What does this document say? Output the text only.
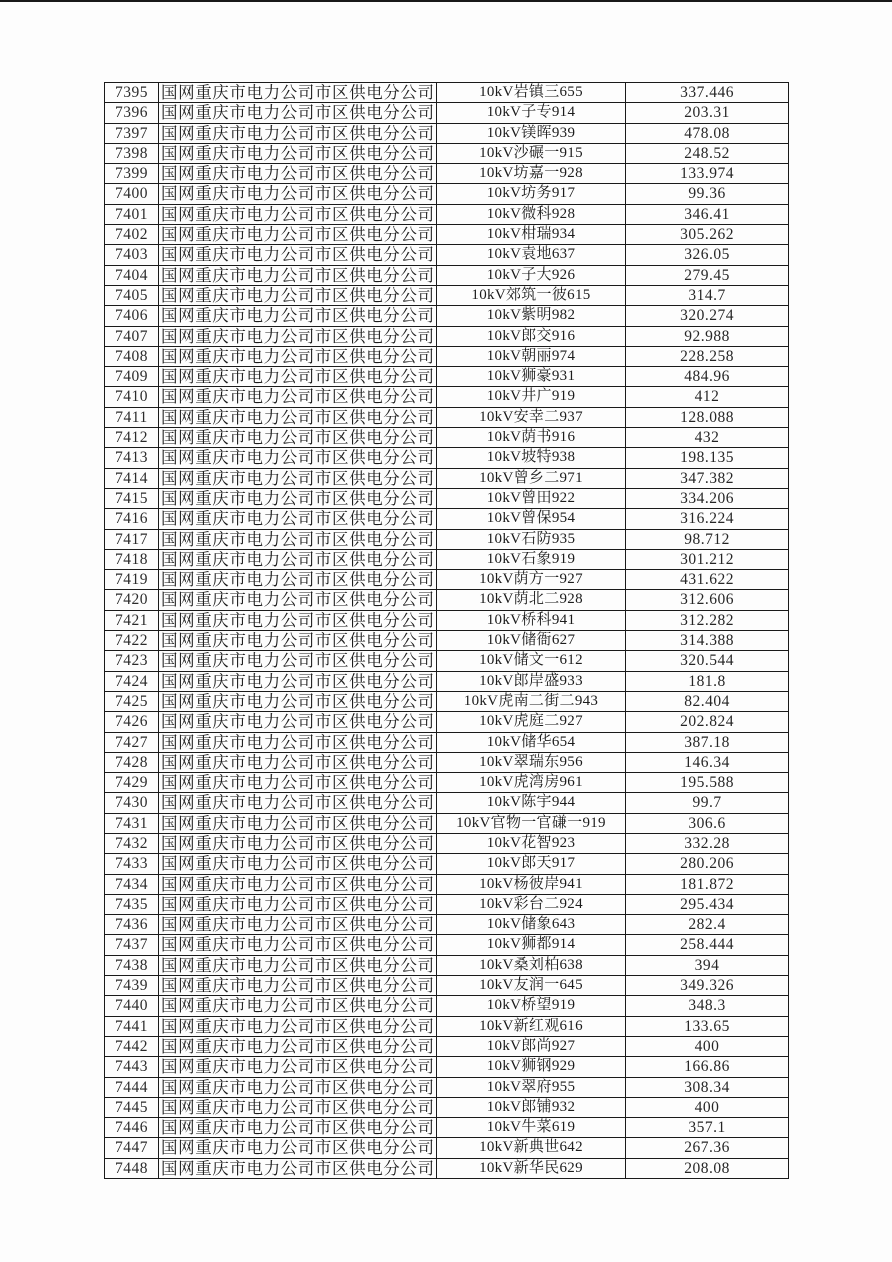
7395	国网重庆市电力公司市区供电分公司	10kV岩镇三655	337.446
7396	国网重庆市电力公司市区供电分公司	10kV子专914	203.31
7397	国网重庆市电力公司市区供电分公司	10kV镁晖939	478.08
7398	国网重庆市电力公司市区供电分公司	10kV沙碾一915	248.52
7399	国网重庆市电力公司市区供电分公司	10kV坊嘉一928	133.974
7400	国网重庆市电力公司市区供电分公司	10kV坊务917	99.36
7401	国网重庆市电力公司市区供电分公司	10kV微科928	346.41
7402	国网重庆市电力公司市区供电分公司	10kV柑瑞934	305.262
7403	国网重庆市电力公司市区供电分公司	10kV袁地637	326.05
7404	国网重庆市电力公司市区供电分公司	10kV子大926	279.45
7405	国网重庆市电力公司市区供电分公司	10kV郊筑一彼615	314.7
7406	国网重庆市电力公司市区供电分公司	10kV紫明982	320.274
7407	国网重庆市电力公司市区供电分公司	10kV郎交916	92.988
7408	国网重庆市电力公司市区供电分公司	10kV朝丽974	228.258
7409	国网重庆市电力公司市区供电分公司	10kV狮豪931	484.96
7410	国网重庆市电力公司市区供电分公司	10kV井广919	412
7411	国网重庆市电力公司市区供电分公司	10kV安幸二937	128.088
7412	国网重庆市电力公司市区供电分公司	10kV荫书916	432
7413	国网重庆市电力公司市区供电分公司	10kV坡特938	198.135
7414	国网重庆市电力公司市区供电分公司	10kV曾乡二971	347.382
7415	国网重庆市电力公司市区供电分公司	10kV曾田922	334.206
7416	国网重庆市电力公司市区供电分公司	10kV曾保954	316.224
7417	国网重庆市电力公司市区供电分公司	10kV石防935	98.712
7418	国网重庆市电力公司市区供电分公司	10kV石象919	301.212
7419	国网重庆市电力公司市区供电分公司	10kV荫方一927	431.622
7420	国网重庆市电力公司市区供电分公司	10kV荫北二928	312.606
7421	国网重庆市电力公司市区供电分公司	10kV桥科941	312.282
7422	国网重庆市电力公司市区供电分公司	10kV储衙627	314.388
7423	国网重庆市电力公司市区供电分公司	10kV储文一612	320.544
7424	国网重庆市电力公司市区供电分公司	10kV郎岸盛933	181.8
7425	国网重庆市电力公司市区供电分公司	10kV虎南二街二943	82.404
7426	国网重庆市电力公司市区供电分公司	10kV虎庭二927	202.824
7427	国网重庆市电力公司市区供电分公司	10kV储华654	387.18
7428	国网重庆市电力公司市区供电分公司	10kV翠瑞东956	146.34
7429	国网重庆市电力公司市区供电分公司	10kV虎湾房961	195.588
7430	国网重庆市电力公司市区供电分公司	10kV陈宇944	99.7
7431	国网重庆市电力公司市区供电分公司	10kV官物一官磏一919	306.6
7432	国网重庆市电力公司市区供电分公司	10kV花智923	332.28
7433	国网重庆市电力公司市区供电分公司	10kV郎天917	280.206
7434	国网重庆市电力公司市区供电分公司	10kV杨彼岸941	181.872
7435	国网重庆市电力公司市区供电分公司	10kV彩台二924	295.434
7436	国网重庆市电力公司市区供电分公司	10kV储象643	282.4
7437	国网重庆市电力公司市区供电分公司	10kV狮都914	258.444
7438	国网重庆市电力公司市区供电分公司	10kV桑刘柏638	394
7439	国网重庆市电力公司市区供电分公司	10kV友润一645	349.326
7440	国网重庆市电力公司市区供电分公司	10kV桥望919	348.3
7441	国网重庆市电力公司市区供电分公司	10kV新红观616	133.65
7442	国网重庆市电力公司市区供电分公司	10kV郎尚927	400
7443	国网重庆市电力公司市区供电分公司	10kV狮钢929	166.86
7444	国网重庆市电力公司市区供电分公司	10kV翠府955	308.34
7445	国网重庆市电力公司市区供电分公司	10kV郎铺932	400
7446	国网重庆市电力公司市区供电分公司	10kV牛菜619	357.1
7447	国网重庆市电力公司市区供电分公司	10kV新典世642	267.36
7448	国网重庆市电力公司市区供电分公司	10kV新华民629	208.08
